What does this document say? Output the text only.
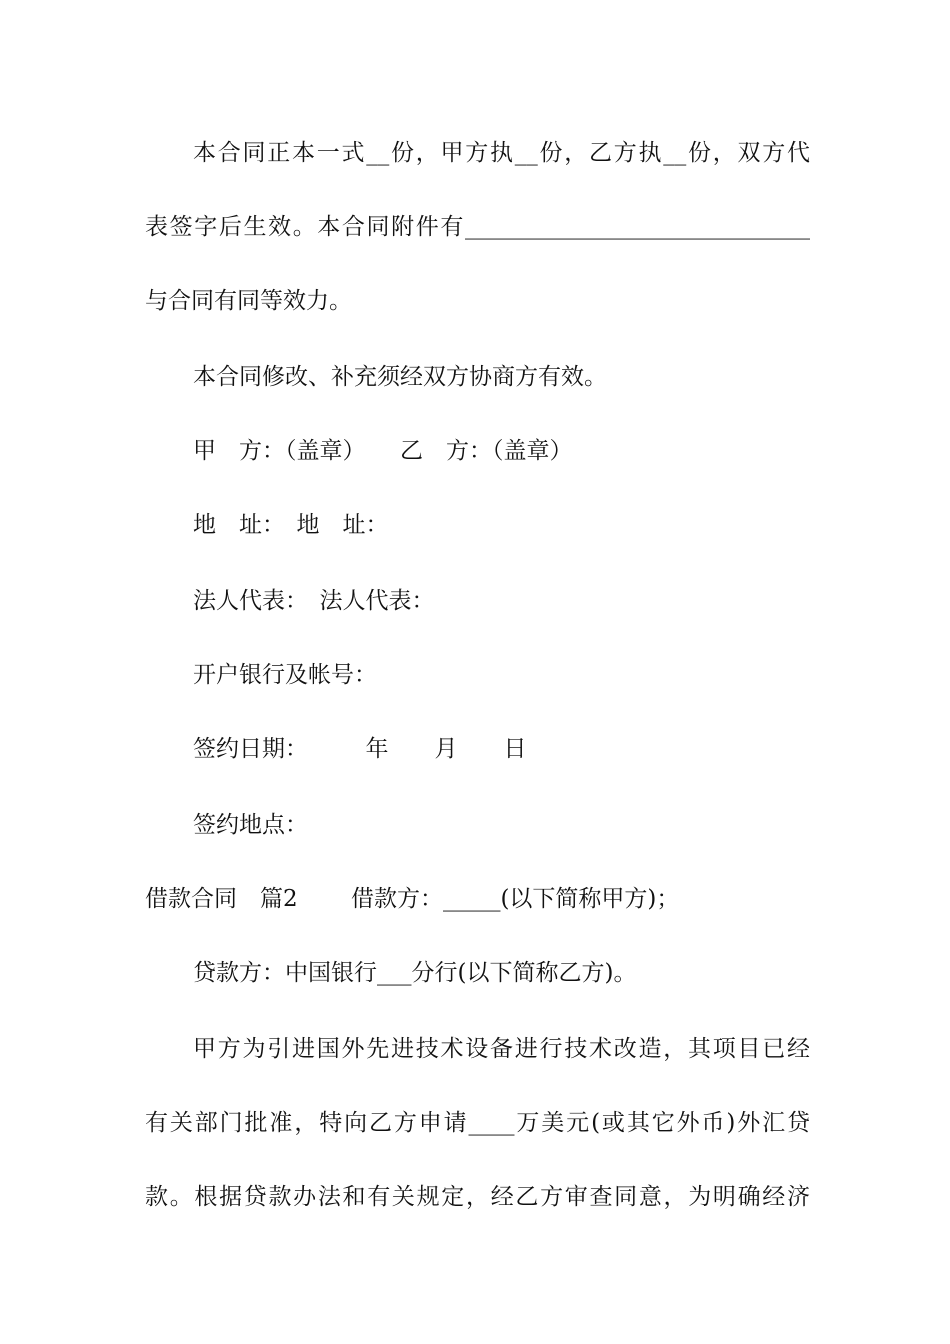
本合同正本一式__份，甲方执__份，乙方执__份，双方代
表签字后生效。本合同附件有______________________________
与合同有同等效力。
本合同修改、补充须经双方协商方有效。
甲　方：（盖章）　　乙　方：（盖章）
地　址：　地　址：
法人代表：　法人代表：
开户银行及帐号：
签约日期：　　　年　　月　　日
签约地点：
借款合同　篇2　　 借款方：_____(以下简称甲方)；
贷款方：中国银行___分行(以下简称乙方)。
甲方为引进国外先进技术设备进行技术改造，其项目已经
有关部门批准，特向乙方申请____万美元(或其它外币)外汇贷
款。根据贷款办法和有关规定，经乙方审查同意，为明确经济
